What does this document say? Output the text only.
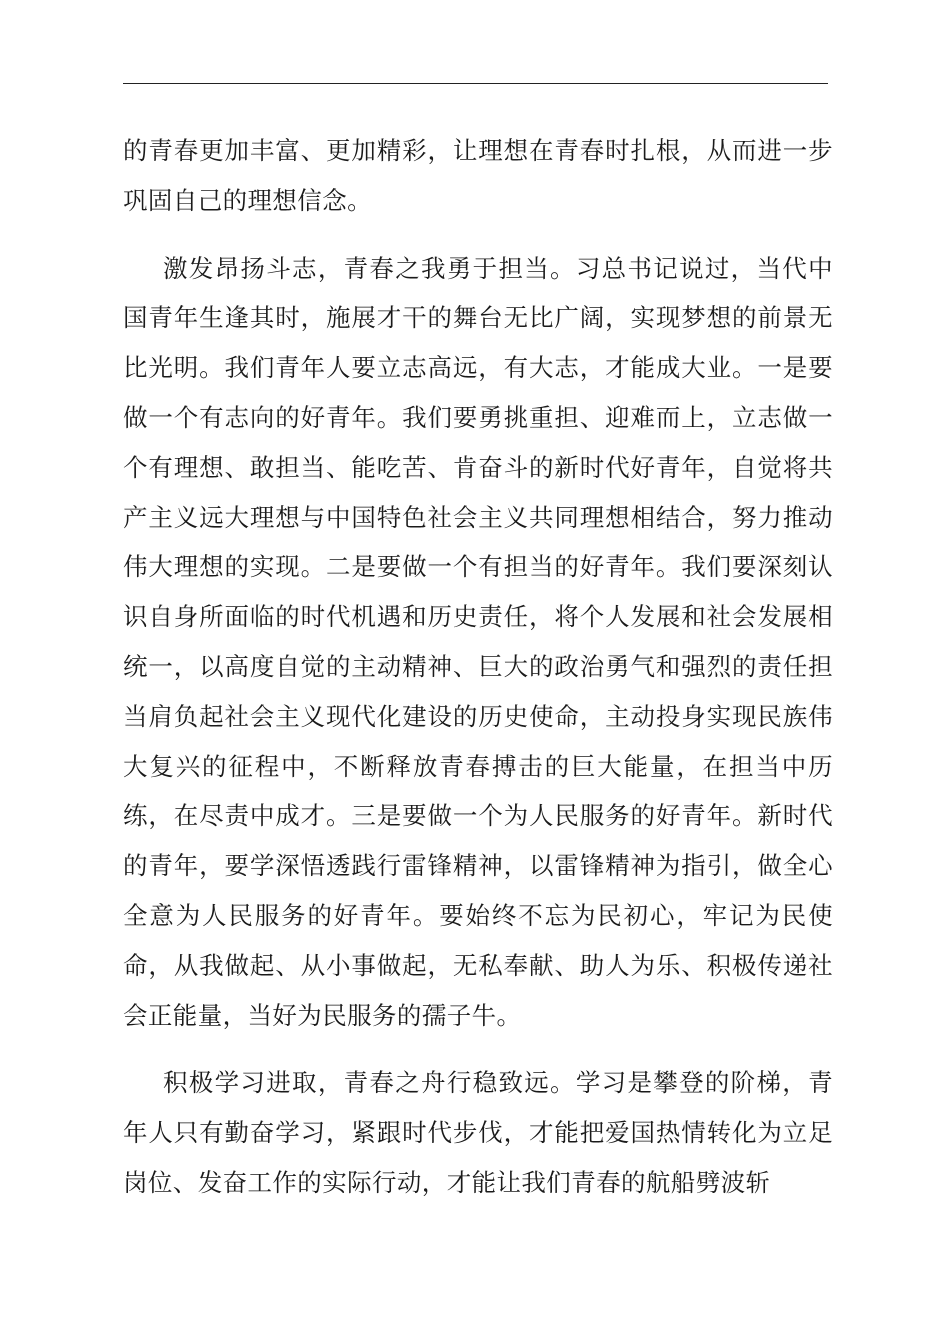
的青春更加丰富、更加精彩，让理想在青春时扎根，从而进一步巩固自己的理想信念。

激发昂扬斗志，青春之我勇于担当。习总书记说过，当代中国青年生逢其时，施展才干的舞台无比广阔，实现梦想的前景无比光明。我们青年人要立志高远，有大志，才能成大业。一是要做一个有志向的好青年。我们要勇挑重担、迎难而上，立志做一个有理想、敢担当、能吃苦、肯奋斗的新时代好青年，自觉将共产主义远大理想与中国特色社会主义共同理想相结合，努力推动伟大理想的实现。二是要做一个有担当的好青年。我们要深刻认识自身所面临的时代机遇和历史责任，将个人发展和社会发展相统一，以高度自觉的主动精神、巨大的政治勇气和强烈的责任担当肩负起社会主义现代化建设的历史使命，主动投身实现民族伟大复兴的征程中，不断释放青春搏击的巨大能量，在担当中历练，在尽责中成才。三是要做一个为人民服务的好青年。新时代的青年，要学深悟透践行雷锋精神，以雷锋精神为指引，做全心全意为人民服务的好青年。要始终不忘为民初心，牢记为民使命，从我做起、从小事做起，无私奉献、助人为乐、积极传递社会正能量，当好为民服务的孺子牛。

积极学习进取，青春之舟行稳致远。学习是攀登的阶梯，青年人只有勤奋学习，紧跟时代步伐，才能把爱国热情转化为立足岗位、发奋工作的实际行动，才能让我们青春的航船劈波斩
